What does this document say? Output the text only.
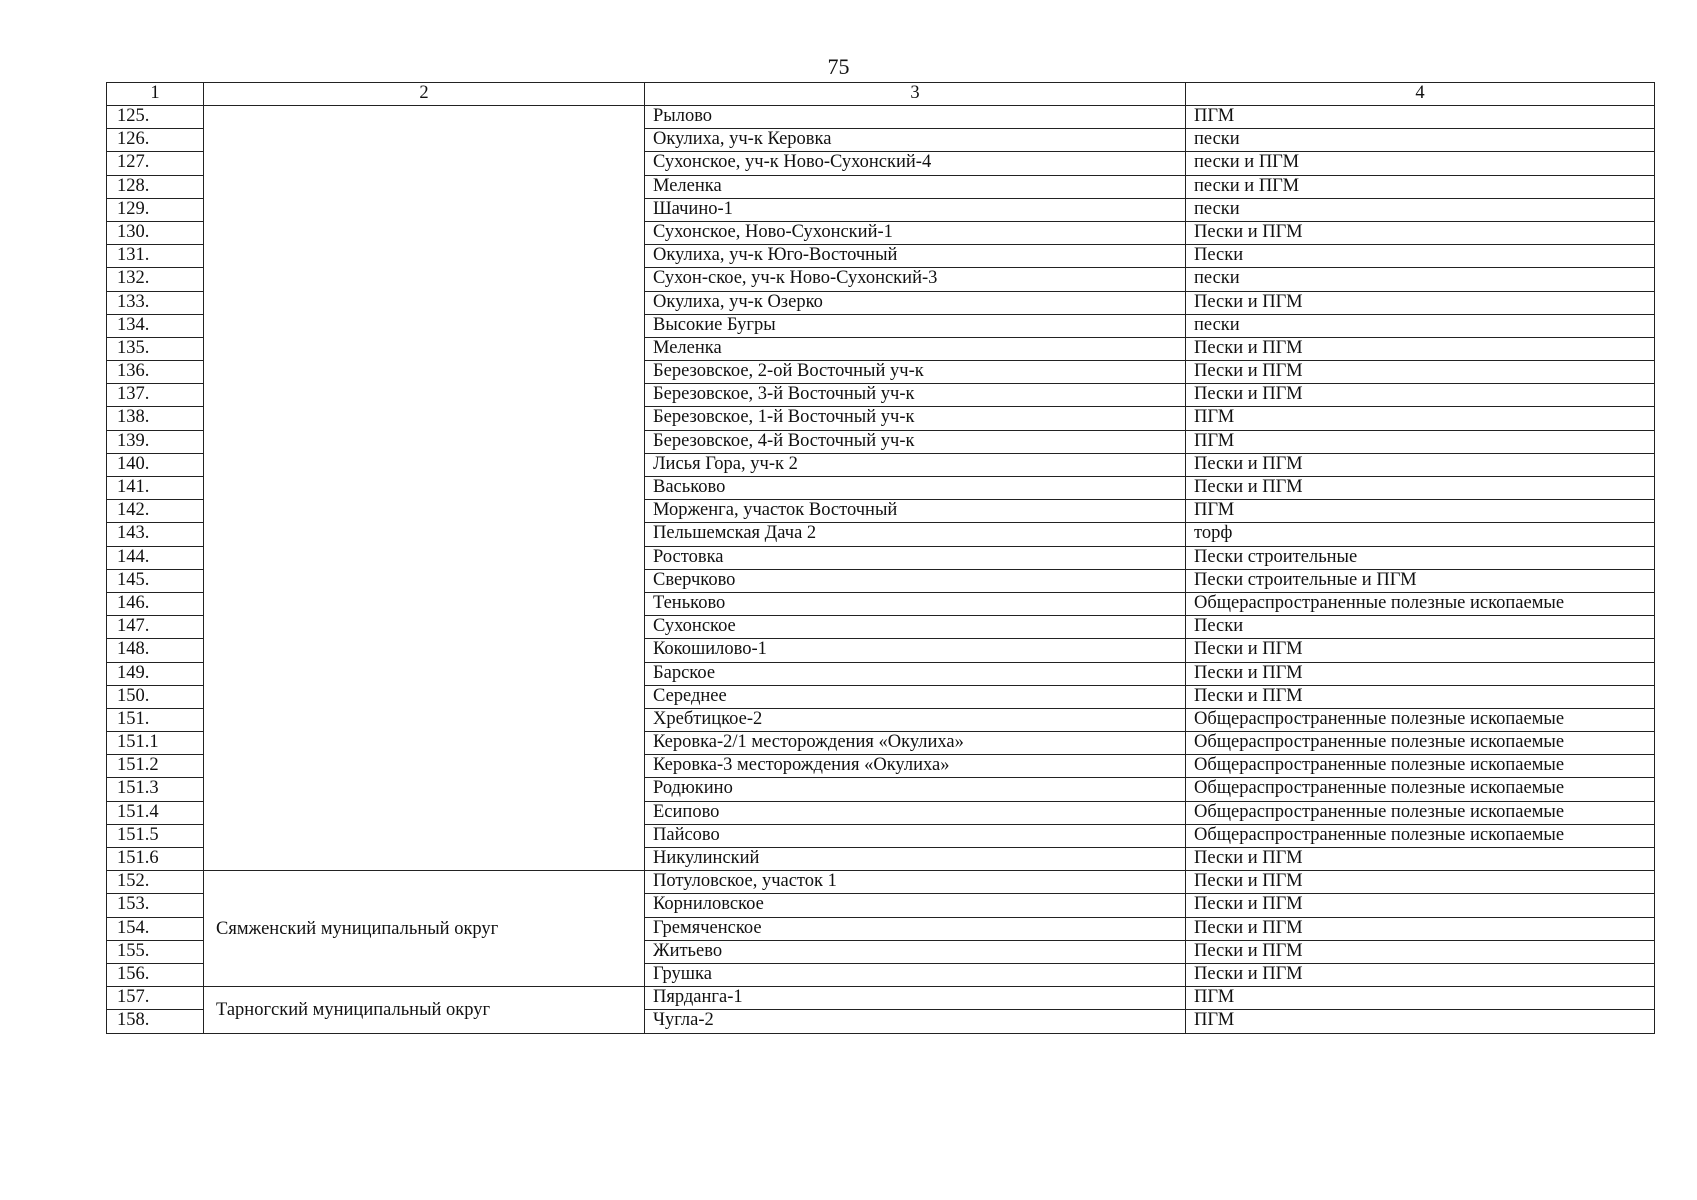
75
1	2	3	4
125.		Рылово	ПГМ
126.		Окулиха, уч-к Керовка	пески
127.		Сухонское, уч-к Ново-Сухонский-4	пески и ПГМ
128.		Меленка	пески и ПГМ
129.		Шачино-1	пески
130.		Сухонское, Ново-Сухонский-1	Пески и ПГМ
131.		Окулиха, уч-к Юго-Восточный	Пески
132.		Сухон-ское, уч-к Ново-Сухонский-3	пески
133.		Окулиха, уч-к Озерко	Пески и ПГМ
134.		Высокие Бугры	пески
135.		Меленка	Пески и ПГМ
136.		Березовское, 2-ой Восточный уч-к	Пески и ПГМ
137.		Березовское, 3-й Восточный уч-к	Пески и ПГМ
138.		Березовское, 1-й Восточный уч-к	ПГМ
139.		Березовское, 4-й Восточный уч-к	ПГМ
140.		Лисья Гора, уч-к 2	Пески и ПГМ
141.		Васьково	Пески и ПГМ
142.		Морженга, участок Восточный	ПГМ
143.		Пельшемская Дача 2	торф
144.		Ростовка	Пески строительные
145.		Сверчково	Пески строительные и ПГМ
146.		Теньково	Общераспространенные полезные ископаемые
147.		Сухонское	Пески
148.		Кокошилово-1	Пески и ПГМ
149.		Барское	Пески и ПГМ
150.		Середнее	Пески и ПГМ
151.		Хребтицкое-2	Общераспространенные полезные ископаемые
151.1		Керовка-2/1 месторождения «Окулиха»	Общераспространенные полезные ископаемые
151.2		Керовка-3 месторождения «Окулиха»	Общераспространенные полезные ископаемые
151.3		Родюкино	Общераспространенные полезные ископаемые
151.4		Есипово	Общераспространенные полезные ископаемые
151.5		Пайсово	Общераспространенные полезные ископаемые
151.6		Никулинский	Пески и ПГМ
152.	Сямженский муниципальный округ	Потуловское, участок 1	Пески и ПГМ
153.		Корниловское	Пески и ПГМ
154.		Гремяченское	Пески и ПГМ
155.		Житьево	Пески и ПГМ
156.		Грушка	Пески и ПГМ
157.	Тарногский муниципальный округ	Пярданга-1	ПГМ
158.		Чугла-2	ПГМ
